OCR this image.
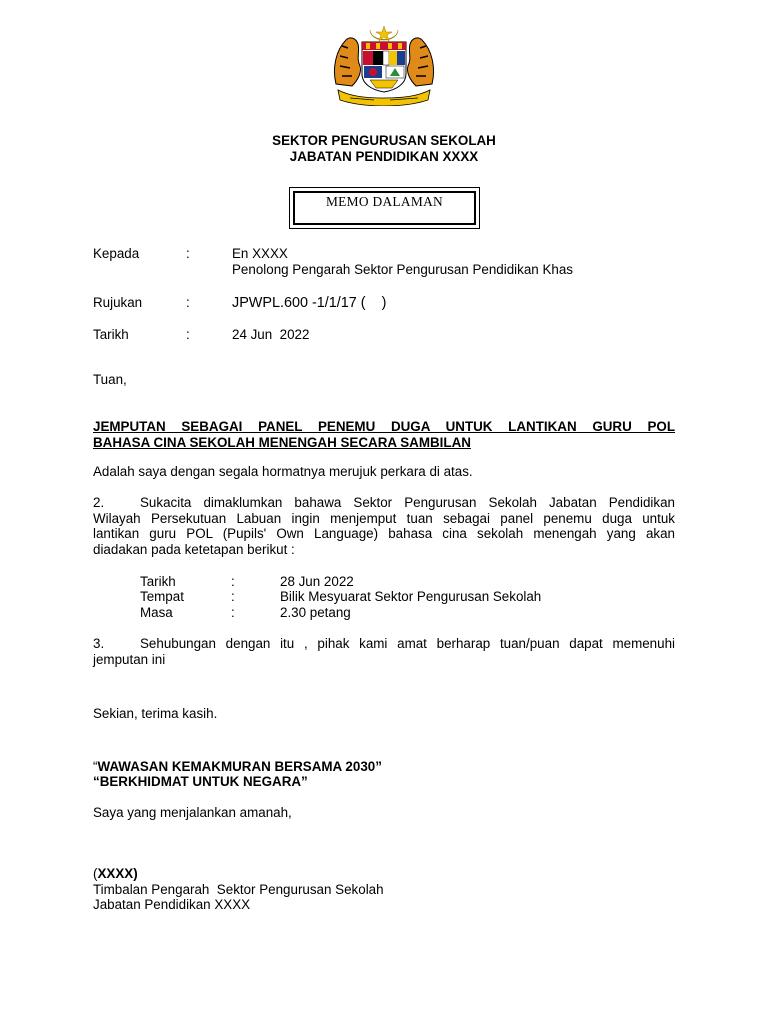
SEKTOR PENGURUSAN SEKOLAH
JABATAN PENDIDIKAN XXXX
MEMO DALAMAN
Kepada	:	En XXXX
Penolong Pengarah Sektor Pengurusan Pendidikan Khas
Rujukan	:	JPWPL.600 -1/1/17 (    )
Tarikh	:	24 Jun  2022
Tuan,
JEMPUTAN SEBAGAI PANEL PENEMU DUGA UNTUK LANTIKAN GURU POL
BAHASA CINA SEKOLAH MENENGAH SECARA SAMBILAN
Adalah saya dengan segala hormatnya merujuk perkara di atas.
2.	Sukacita dimaklumkan bahawa Sektor Pengurusan Sekolah Jabatan Pendidikan
Wilayah Persekutuan Labuan ingin menjemput tuan sebagai panel penemu duga untuk
lantikan guru POL (Pupils' Own Language) bahasa cina sekolah menengah yang akan
diadakan pada ketetapan berikut :
Tarikh	:	28 Jun 2022
Tempat	:	Bilik Mesyuarat Sektor Pengurusan Sekolah
Masa	:	2.30 petang
3.	Sehubungan dengan itu , pihak kami amat berharap tuan/puan dapat memenuhi
jemputan ini
Sekian, terima kasih.
“WAWASAN KEMAKMURAN BERSAMA 2030”
“BERKHIDMAT UNTUK NEGARA”
Saya yang menjalankan amanah,
(XXXX)
Timbalan Pengarah  Sektor Pengurusan Sekolah
Jabatan Pendidikan XXXX
